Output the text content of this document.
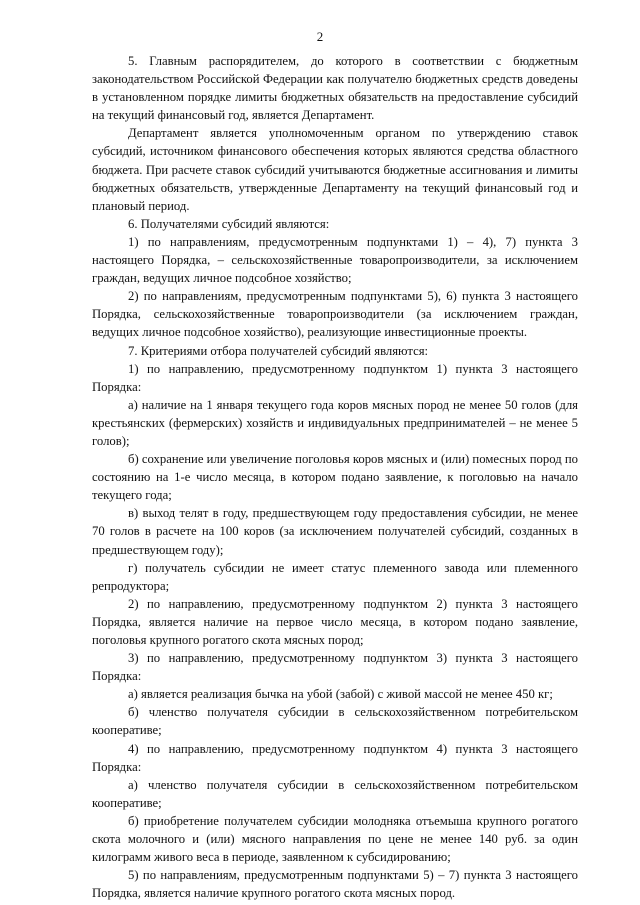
2

5. Главным распорядителем, до которого в соответствии с бюджетным законодательством Российской Федерации как получателю бюджетных средств доведены в установленном порядке лимиты бюджетных обязательств на предоставление субсидий на текущий финансовый год, является Департамент.

Департамент является уполномоченным органом по утверждению ставок субсидий, источником финансового обеспечения которых являются средства областного бюджета. При расчете ставок субсидий учитываются бюджетные ассигнования и лимиты бюджетных обязательств, утвержденные Департаменту на текущий финансовый год и плановый период.

6. Получателями субсидий являются:

1) по направлениям, предусмотренным подпунктами 1) – 4), 7) пункта 3 настоящего Порядка, – сельскохозяйственные товаропроизводители, за исключением граждан, ведущих личное подсобное хозяйство;

2) по направлениям, предусмотренным подпунктами 5), 6) пункта 3 настоящего Порядка, сельскохозяйственные товаропроизводители (за исключением граждан, ведущих личное подсобное хозяйство), реализующие инвестиционные проекты.

7. Критериями отбора получателей субсидий являются:

1) по направлению, предусмотренному подпунктом 1) пункта 3 настоящего Порядка:

а) наличие на 1 января текущего года коров мясных пород не менее 50 голов (для крестьянских (фермерских) хозяйств и индивидуальных предпринимателей – не менее 5 голов);

б) сохранение или увеличение поголовья коров мясных и (или) помесных пород по состоянию на 1-е число месяца, в котором подано заявление, к поголовью на начало текущего года;

в) выход телят в году, предшествующем году предоставления субсидии, не менее 70 голов в расчете на 100 коров (за исключением получателей субсидий, созданных в предшествующем году);

г) получатель субсидии не имеет статус племенного завода или племенного репродуктора;

2) по направлению, предусмотренному подпунктом 2) пункта 3 настоящего Порядка, является наличие на первое число месяца, в котором подано заявление, поголовья крупного рогатого скота мясных пород;

3) по направлению, предусмотренному подпунктом 3) пункта 3 настоящего Порядка:

а) является реализация бычка на убой (забой) с живой массой не менее 450 кг;

б) членство получателя субсидии в сельскохозяйственном потребительском кооперативе;

4) по направлению, предусмотренному подпунктом 4) пункта 3 настоящего Порядка:

а) членство получателя субсидии в сельскохозяйственном потребительском кооперативе;

б) приобретение получателем субсидии молодняка отъемыша крупного рогатого скота молочного и (или) мясного направления по цене не менее 140 руб. за один килограмм живого веса в периоде, заявленном к субсидированию;

5) по направлениям, предусмотренным подпунктами 5) – 7) пункта 3 настоящего Порядка, является наличие крупного рогатого скота мясных пород.
